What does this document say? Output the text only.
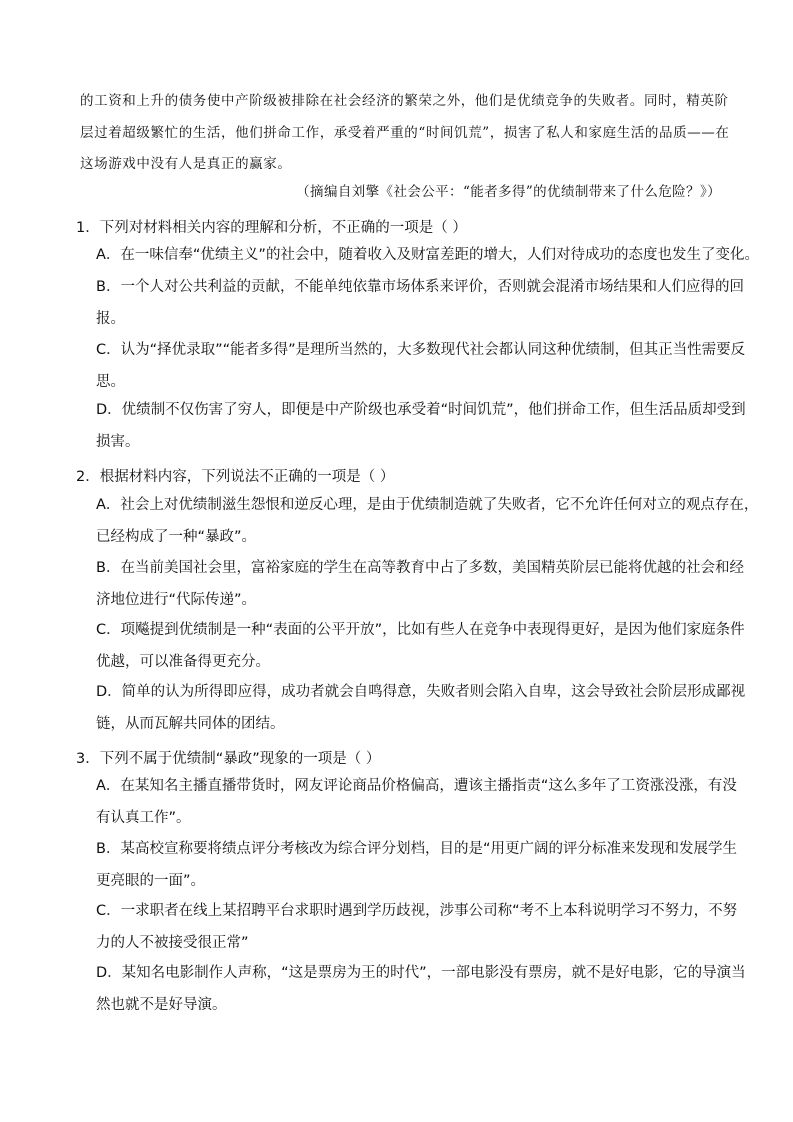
的工资和上升的债务使中产阶级被排除在社会经济的繁荣之外，他们是优绩竞争的失败者。同时，精英阶
层过着超级繁忙的生活，他们拼命工作，承受着严重的“时间饥荒”，损害了私人和家庭生活的品质——在
这场游戏中没有人是真正的赢家。
（摘编自刘擎《社会公平：“能者多得”的优绩制带来了什么危险？》）
1．下列对材料相关内容的理解和分析，不正确的一项是（ ）
A．在一味信奉“优绩主义”的社会中，随着收入及财富差距的增大，人们对待成功的态度也发生了变化。
B．一个人对公共利益的贡献，不能单纯依靠市场体系来评价，否则就会混淆市场结果和人们应得的回
报。
C．认为“择优录取”“能者多得”是理所当然的，大多数现代社会都认同这种优绩制，但其正当性需要反
思。
D．优绩制不仅伤害了穷人，即便是中产阶级也承受着“时间饥荒”，他们拼命工作，但生活品质却受到
损害。
2．根据材料内容，下列说法不正确的一项是（ ）
A．社会上对优绩制滋生怨恨和逆反心理，是由于优绩制造就了失败者，它不允许任何对立的观点存在，
已经构成了一种“暴政”。
B．在当前美国社会里，富裕家庭的学生在高等教育中占了多数，美国精英阶层已能将优越的社会和经
济地位进行“代际传递”。
C．项飚提到优绩制是一种“表面的公平开放”，比如有些人在竞争中表现得更好，是因为他们家庭条件
优越，可以准备得更充分。
D．简单的认为所得即应得，成功者就会自鸣得意，失败者则会陷入自卑，这会导致社会阶层形成鄙视
链，从而瓦解共同体的团结。
3．下列不属于优绩制“暴政”现象的一项是（ ）
A．在某知名主播直播带货时，网友评论商品价格偏高，遭该主播指责“这么多年了工资涨没涨，有没
有认真工作”。
B．某高校宣称要将绩点评分考核改为综合评分划档，目的是“用更广阔的评分标准来发现和发展学生
更亮眼的一面”。
C．一求职者在线上某招聘平台求职时遇到学历歧视，涉事公司称“考不上本科说明学习不努力，不努
力的人不被接受很正常”
D．某知名电影制作人声称，“这是票房为王的时代”，一部电影没有票房，就不是好电影，它的导演当
然也就不是好导演。
